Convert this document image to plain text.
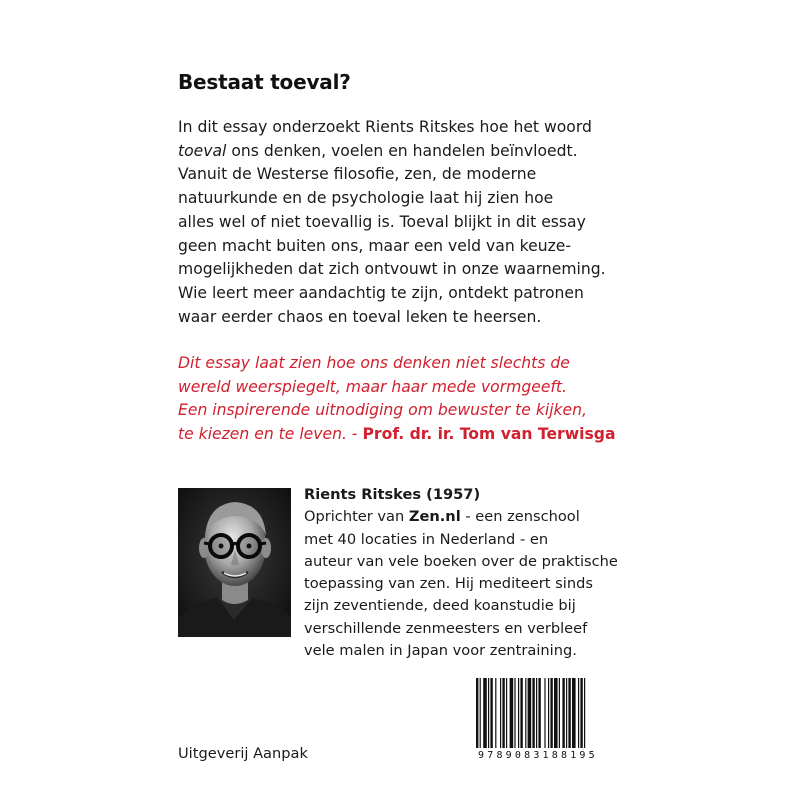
Bestaat toeval?
In dit essay onderzoekt Rients Ritskes hoe het woord
toeval ons denken, voelen en handelen beïnvloedt.
Vanuit de Westerse filosofie, zen, de moderne
natuurkunde en de psychologie laat hij zien hoe
alles wel of niet toevallig is. Toeval blijkt in dit essay
geen macht buiten ons, maar een veld van keuze-
mogelijkheden dat zich ontvouwt in onze waarneming.
Wie leert meer aandachtig te zijn, ontdekt patronen
waar eerder chaos en toeval leken te heersen.
Dit essay laat zien hoe ons denken niet slechts de
wereld weerspiegelt, maar haar mede vormgeeft.
Een inspirerende uitnodiging om bewuster te kijken,
te kiezen en te leven. - Prof. dr. ir. Tom van Terwisga
Rients Ritskes (1957)
Oprichter van Zen.nl - een zenschool
met 40 locaties in Nederland - en
auteur van vele boeken over de praktische
toepassing van zen. Hij mediteert sinds
zijn zeventiende, deed koanstudie bij
verschillende zenmeesters en verbleef
vele malen in Japan voor zentraining.
Uitgeverij Aanpak	9789083188195
